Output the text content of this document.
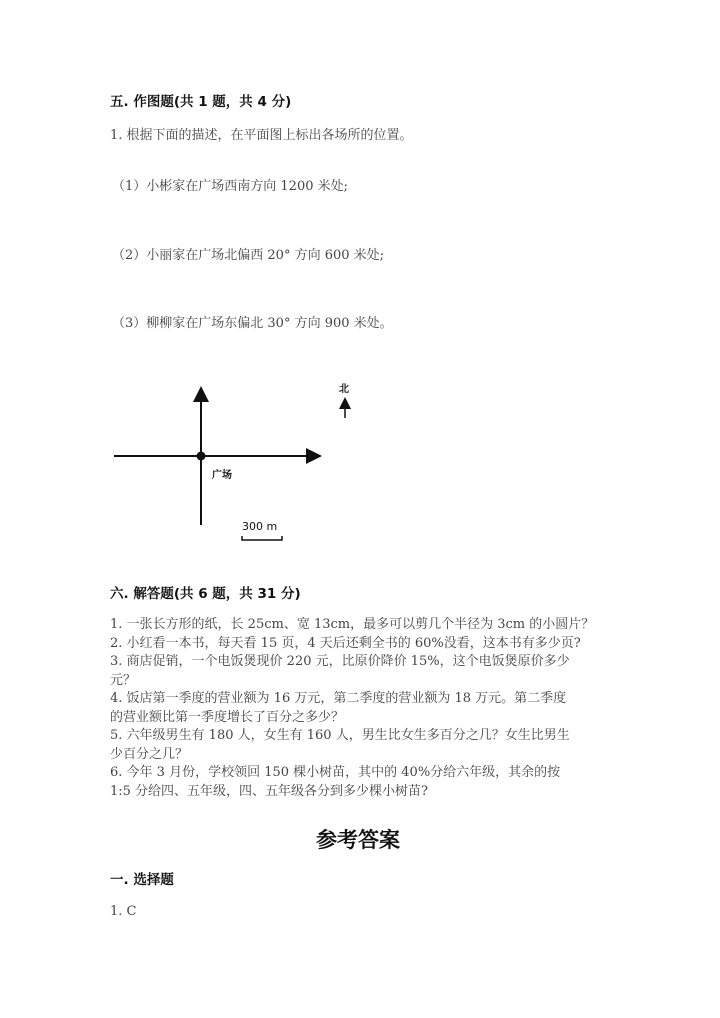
五. 作图题(共 1 题，共 4 分)
1. 根据下面的描述，在平面图上标出各场所的位置。
（1）小彬家在广场西南方向 1200 米处;
（2）小丽家在广场北偏西 20° 方向 600 米处;
（3）柳柳家在广场东偏北 30° 方向 900 米处。
广场
北
300 m
六. 解答题(共 6 题，共 31 分)
1. 一张长方形的纸，长 25cm、宽 13cm，最多可以剪几个半径为 3cm 的小圆片？
2. 小红看一本书，每天看 15 页，4 天后还剩全书的 60%没看，这本书有多少页?
3. 商店促销，一个电饭煲现价 220 元，比原价降价 15%，这个电饭煲原价多少
元？
4. 饭店第一季度的营业额为 16 万元，第二季度的营业额为 18 万元。第二季度
的营业额比第一季度增长了百分之多少？
5. 六年级男生有 180 人，女生有 160 人，男生比女生多百分之几？女生比男生
少百分之几？
6. 今年 3 月份，学校领回 150 棵小树苗，其中的 40%分给六年级，其余的按
1:5 分给四、五年级，四、五年级各分到多少棵小树苗?
参考答案
一. 选择题
1. C
